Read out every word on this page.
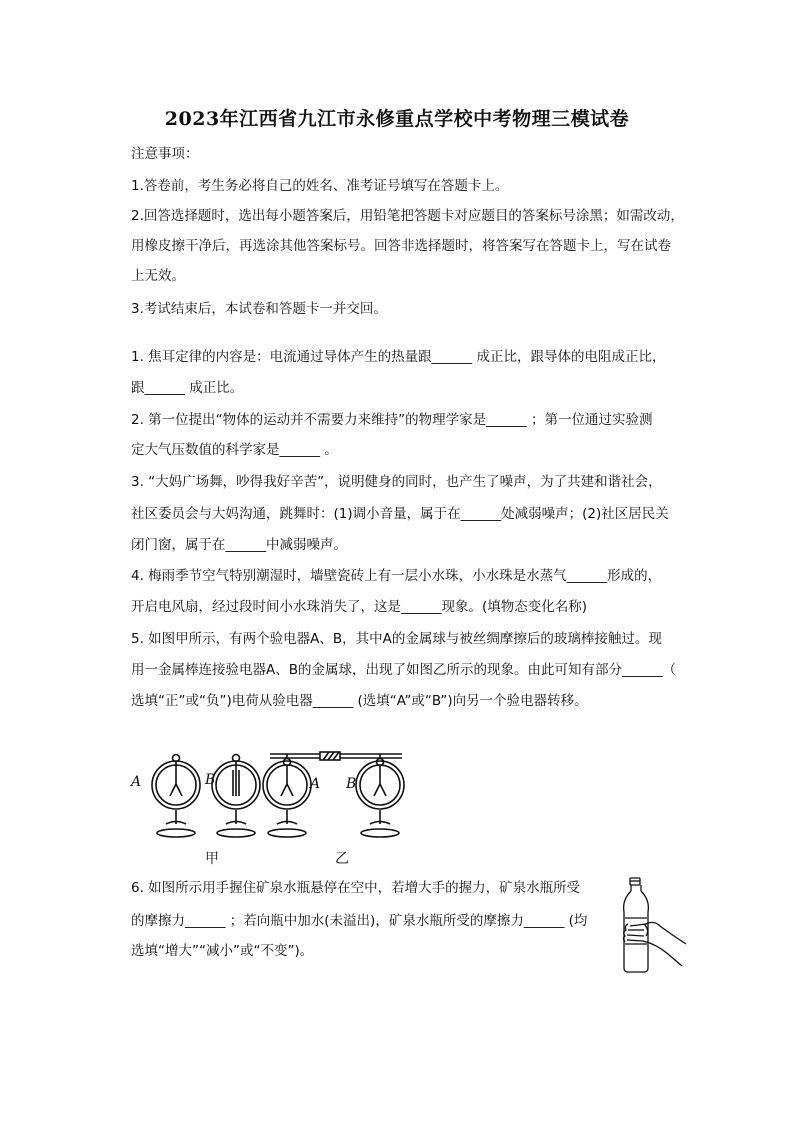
2023年江西省九江市永修重点学校中考物理三模试卷
注意事项：
1.答卷前，考生务必将自己的姓名、准考证号填写在答题卡上。
2.回答选择题时，选出每小题答案后，用铅笔把答题卡对应题目的答案标号涂黑；如需改动，
用橡皮擦干净后，再选涂其他答案标号。回答非选择题时，将答案写在答题卡上，写在试卷
上无效。
3.考试结束后，本试卷和答题卡一并交回。
1. 焦耳定律的内容是：电流通过导体产生的热量跟______ 成正比，跟导体的电阻成正比，
跟______ 成正比。
2. 第一位提出“物体的运动并不需要力来维持”的物理学家是______ ；第一位通过实验测
定大气压数值的科学家是______ 。
3. “大妈广场舞，吵得我好辛苦”，说明健身的同时，也产生了噪声，为了共建和谐社会，
社区委员会与大妈沟通，跳舞时：(1)调小音量，属于在______处减弱噪声；(2)社区居民关
闭门窗，属于在______中减弱噪声。
4. 梅雨季节空气特别潮湿时，墙壁瓷砖上有一层小水珠，小水珠是水蒸气______形成的，
开启电风扇，经过段时间小水珠消失了，这是______现象。(填物态变化名称)
5. 如图甲所示，有两个验电器A、B，其中A的金属球与被丝绸摩擦后的玻璃棒接触过。现
用一金属棒连接验电器A、B的金属球，出现了如图乙所示的现象。由此可知有部分______（
选填“正”或“负”)电荷从验电器______ (选填“A”或“B”)向另一个验电器转移。
A	B	A B
甲	乙
6. 如图所示用手握住矿泉水瓶悬停在空中，若增大手的握力，矿泉水瓶所受
的摩擦力______ ；若向瓶中加水(未溢出)，矿泉水瓶所受的摩擦力______ (均
选填“增大”“减小”或“不变”)。
